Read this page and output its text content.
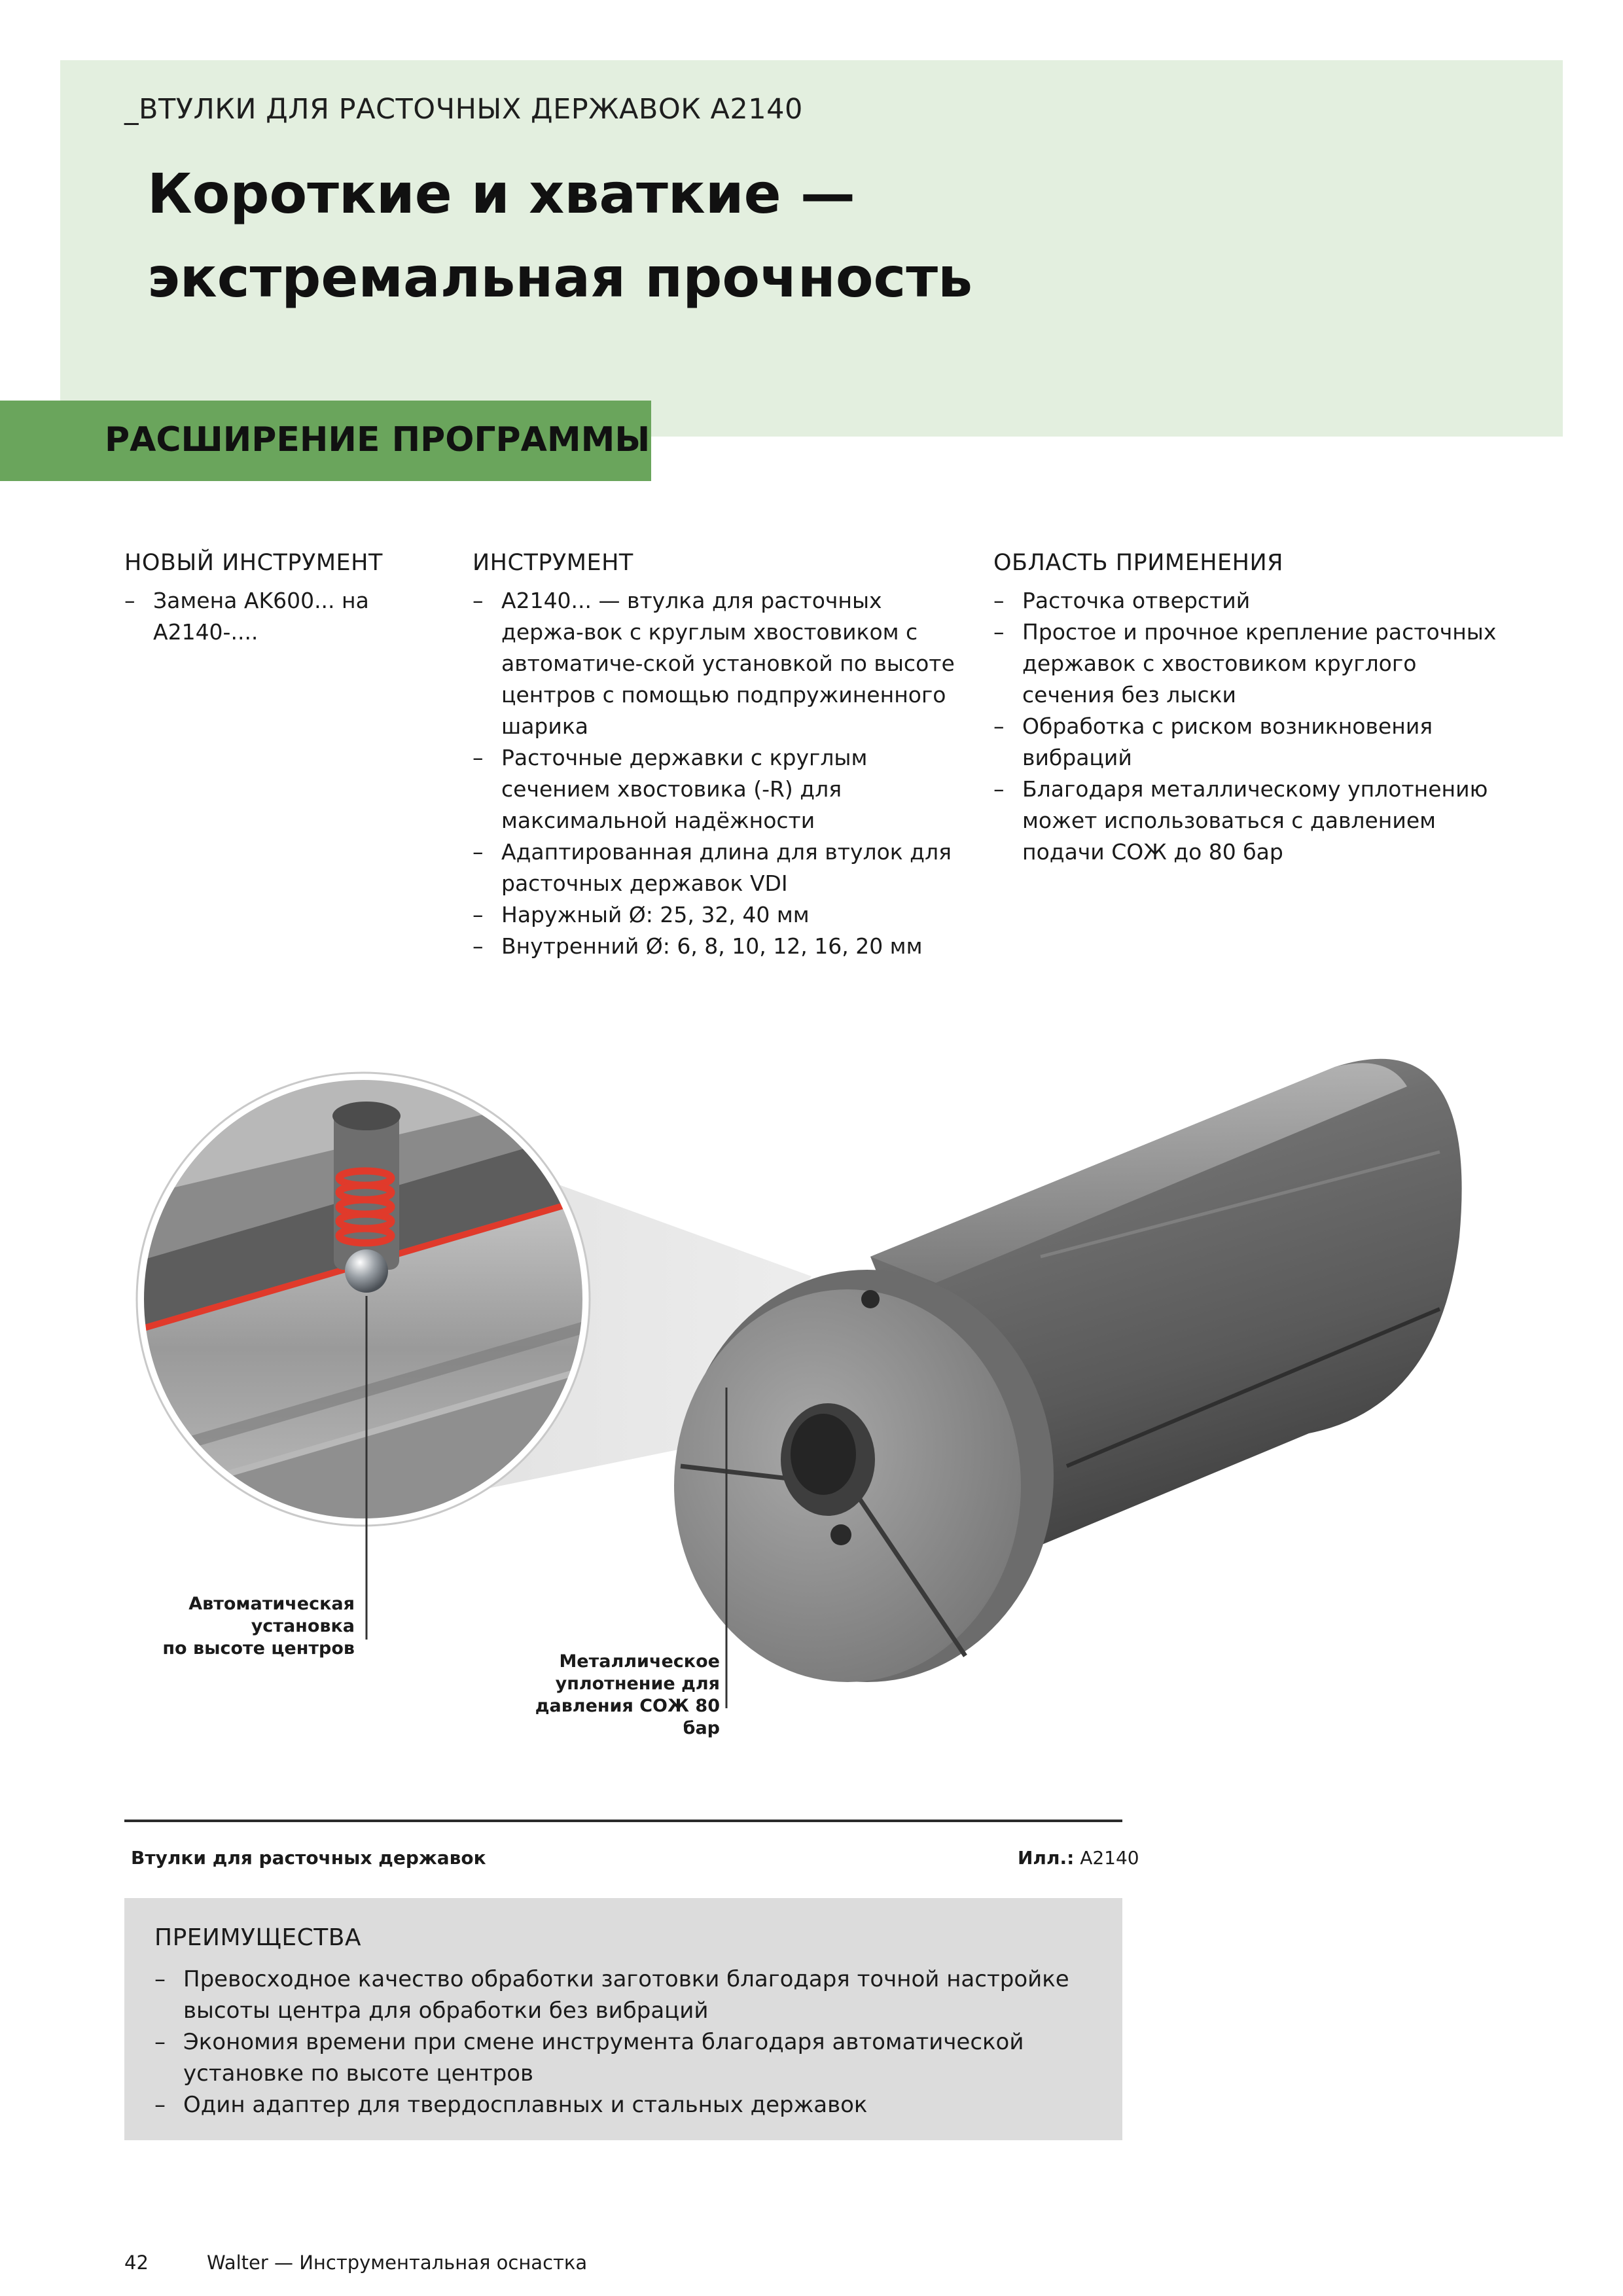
_ВТУЛКИ ДЛЯ РАСТОЧНЫХ ДЕРЖАВОК A2140
Короткие и хваткие —
экстремальная прочность
РАСШИРЕНИЕ ПРОГРАММЫ
НОВЫЙ ИНСТРУМЕНТ
– Замена AK600... на A2140-....
ИНСТРУМЕНТ
– A2140... — втулка для расточных держа-вок с круглым хвостовиком с автоматиче-ской установкой по высоте центров с помощью подпружиненного шарика
– Расточные державки с круглым сечением хвостовика (-R) для максимальной надёжности
– Адаптированная длина для втулок для расточных державок VDI
– Наружный Ø: 25, 32, 40 мм
– Внутренний Ø: 6, 8, 10, 12, 16, 20 мм
ОБЛАСТЬ ПРИМЕНЕНИЯ
– Расточка отверстий
– Простое и прочное крепление расточных державок с хвостовиком круглого сечения без лыски
– Обработка с риском возникновения вибраций
– Благодаря металлическому уплотнению может использоваться с давлением подачи СОЖ до 80 бар
Автоматическая установка
по высоте центров
Металлическое
уплотнение для
давления СОЖ 80 бар
Втулки для расточных державок	Илл.: A2140
ПРЕИМУЩЕСТВА
– Превосходное качество обработки заготовки благодаря точной настройке высоты центра для обработки без вибраций
– Экономия времени при смене инструмента благодаря автоматической установке по высоте центров
– Один адаптер для твердосплавных и стальных державок
42	Walter — Инструментальная оснастка
